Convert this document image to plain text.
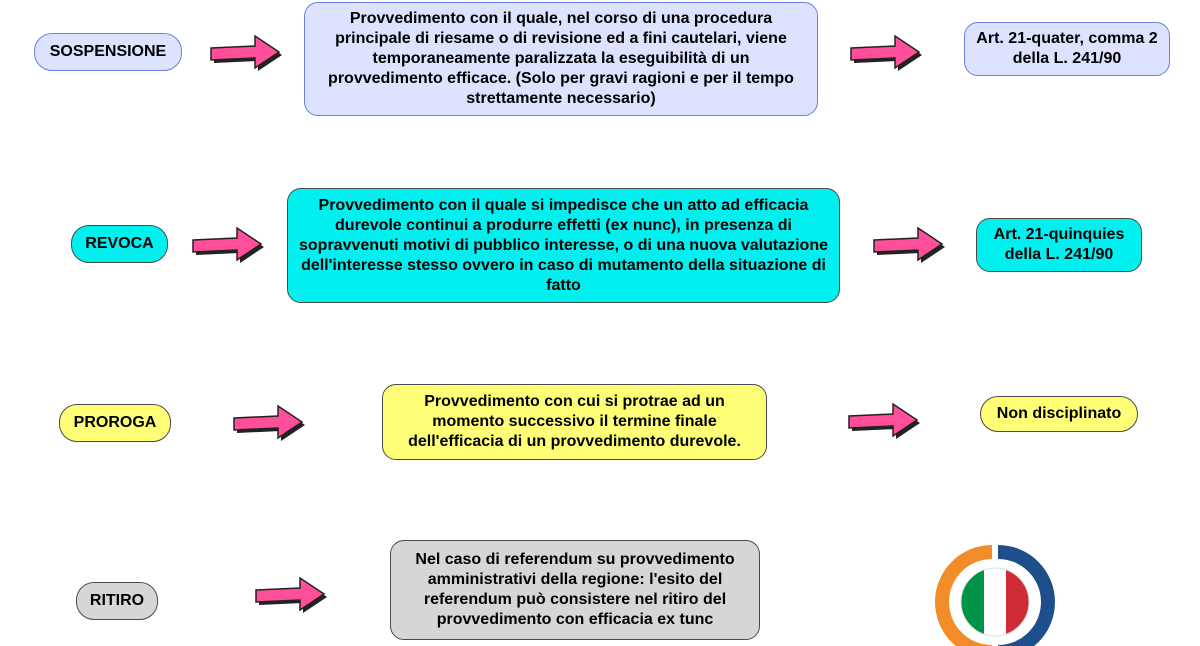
SOSPENSIONE
Provvedimento con il quale, nel corso di una procedura principale di riesame o di revisione ed a fini cautelari, viene temporaneamente paralizzata la eseguibilità di un provvedimento efficace. (Solo per gravi ragioni e per il tempo strettamente necessario)
Art. 21-quater, comma 2 della L. 241/90
REVOCA
Provvedimento con il quale si impedisce che un atto ad efficacia durevole continui a produrre effetti (ex nunc), in presenza di sopravvenuti motivi di pubblico interesse, o di una nuova valutazione dell'interesse stesso ovvero in caso di mutamento della situazione di fatto
Art. 21-quinquies della L. 241/90
PROROGA
Provvedimento con cui si protrae ad un momento successivo il termine finale dell'efficacia di un provvedimento durevole.
Non disciplinato
RITIRO
Nel caso di referendum su provvedimento amministrativi della regione: l'esito del referendum può consistere nel ritiro del provvedimento con efficacia ex tunc
